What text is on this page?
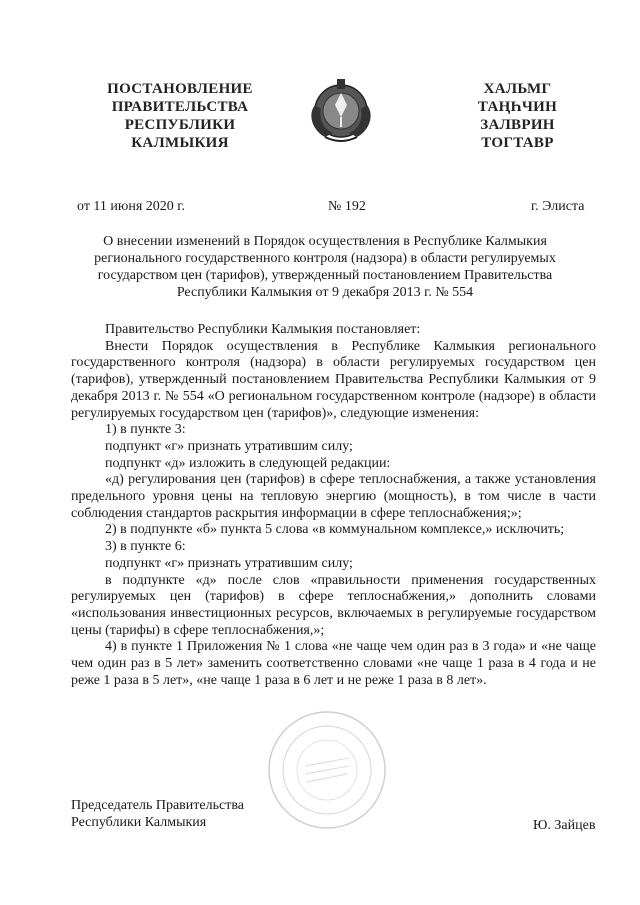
ПОСТАНОВЛЕНИЕ
ПРАВИТЕЛЬСТВА
РЕСПУБЛИКИ
КАЛМЫКИЯ
ХАЛЬМГ
ТАҢҺЧИН
ЗАЛВРИН
ТОГТАВР
от 11 июня 2020 г.	№ 192	г. Элиста
О внесении изменений в Порядок осуществления в Республике Калмыкия
регионального государственного контроля (надзора) в области регулируемых
государством цен (тарифов), утвержденный постановлением Правительства
Республики Калмыкия от 9 декабря 2013 г. № 554

Правительство Республики Калмыкия постановляет:

Внести Порядок осуществления в Республике Калмыкия регионального государственного контроля (надзора) в области регулируемых государством цен (тарифов), утвержденный постановлением Правительства Республики Калмыкия от 9 декабря 2013 г. № 554 «О региональном государственном контроле (надзоре) в области регулируемых государством цен (тарифов)», следующие изменения:

1) в пункте 3:

подпункт «г» признать утратившим силу;

подпункт «д» изложить в следующей редакции:

«д) регулирования цен (тарифов) в сфере теплоснабжения, а также установления предельного уровня цены на тепловую энергию (мощность), в том числе в части соблюдения стандартов раскрытия информации в сфере теплоснабжения;»;

2) в подпункте «б» пункта 5 слова «в коммунальном комплексе,» исключить;

3) в пункте 6:

подпункт «г» признать утратившим силу;

в подпункте «д» после слов «правильности применения государственных регулируемых цен (тарифов) в сфере теплоснабжения,» дополнить словами «использования инвестиционных ресурсов, включаемых в регулируемые государством цены (тарифы) в сфере теплоснабжения,»;

4) в пункте 1 Приложения № 1 слова «не чаще чем один раз в 3 года» и «не чаще чем один раз в 5 лет» заменить соответственно словами «не чаще 1 раза в 4 года и не реже 1 раза в 5 лет», «не чаще 1 раза в 6 лет и не реже 1 раза в 8 лет».

Председатель Правительства
Республики Калмыкия	Ю. Зайцев
